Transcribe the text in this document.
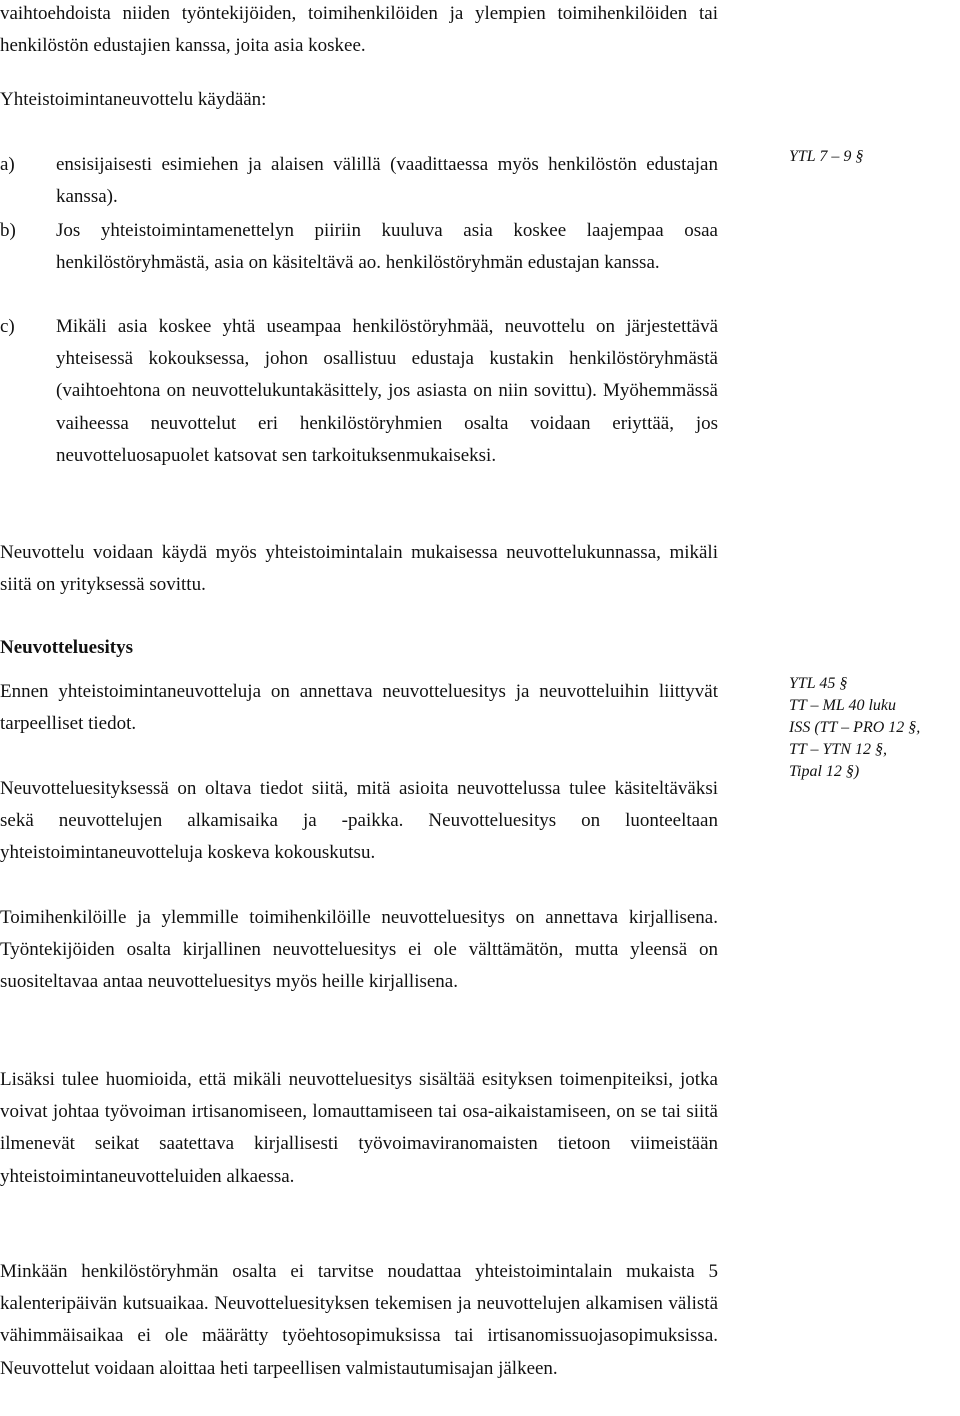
vaihtoehdoista niiden työntekijöiden, toimihenkilöiden ja ylempien toimihenkilöiden tai henkilöstön edustajien kanssa, joita asia koskee.

Yhteistoimintaneuvottelu käydään:

a)	ensisijaisesti esimiehen ja alaisen välillä (vaadittaessa myös henkilöstön edustajan kanssa).
b)	Jos yhteistoimintamenettelyn piiriin kuuluva asia koskee laajempaa osaa henkilöstöryhmästä, asia on käsiteltävä ao. henkilöstöryhmän edustajan kanssa.
c)	Mikäli asia koskee yhtä useampaa henkilöstöryhmää, neuvottelu on järjestettävä yhteisessä kokouksessa, johon osallistuu edustaja kustakin henkilöstöryhmästä (vaihtoehtona on neuvottelukuntakäsittely, jos asiasta on niin sovittu). Myöhemmässä vaiheessa neuvottelut eri henkilöstöryhmien osalta voidaan eriyttää, jos neuvotteluosapuolet katsovat sen tarkoituksenmukaiseksi.

Neuvottelu voidaan käydä myös yhteistoimintalain mukaisessa neuvottelukunnassa, mikäli siitä on yrityksessä sovittu.

Neuvotteluesitys

Ennen yhteistoimintaneuvotteluja on annettava neuvotteluesitys ja neuvotteluihin liittyvät tarpeelliset tiedot.

Neuvotteluesityksessä on oltava tiedot siitä, mitä asioita neuvottelussa tulee käsiteltäväksi sekä neuvottelujen alkamisaika ja -paikka. Neuvotteluesitys on luonteeltaan yhteistoimintaneuvotteluja koskeva kokouskutsu.

Toimihenkilöille ja ylemmille toimihenkilöille neuvotteluesitys on annettava kirjallisena. Työntekijöiden osalta kirjallinen neuvotteluesitys ei ole välttämätön, mutta yleensä on suositeltavaa antaa neuvotteluesitys myös heille kirjallisena.

Lisäksi tulee huomioida, että mikäli neuvotteluesitys sisältää esityksen toimenpiteiksi, jotka voivat johtaa työvoiman irtisanomiseen, lomauttamiseen tai osa-aikaistamiseen, on se tai siitä ilmenevät seikat saatettava kirjallisesti työvoimaviranomaisten tietoon viimeistään yhteistoimintaneuvotteluiden alkaessa.

Minkään henkilöstöryhmän osalta ei tarvitse noudattaa yhteistoimintalain mukaista 5 kalenteripäivän kutsuaikaa. Neuvotteluesityksen tekemisen ja neuvottelujen alkamisen välistä vähimmäisaikaa ei ole määrätty työehtosopimuksissa tai irtisanomissuojasopimuksissa. Neuvottelut voidaan aloittaa heti tarpeellisen valmistautumisajan jälkeen.

YTL 7 – 9 §
YTL 45 §
TT – ML 40 luku
ISS (TT – PRO 12 §,
TT – YTN 12 §,
Tipal 12 §)
